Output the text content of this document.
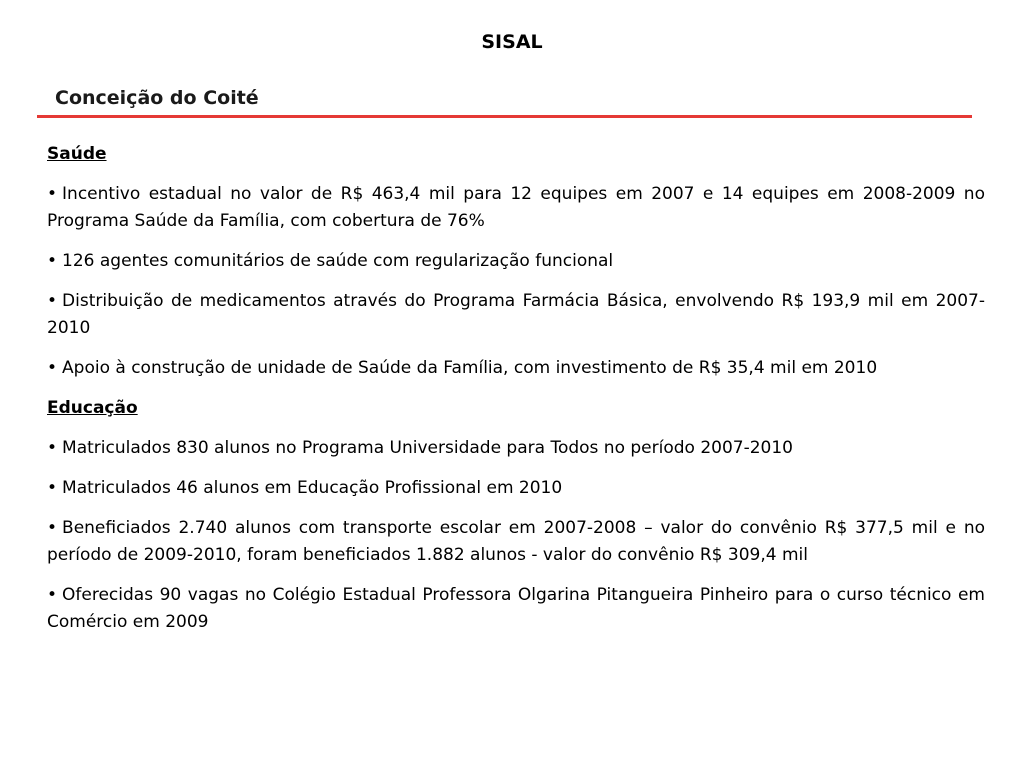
SISAL
Conceição do Coité

Saúde

• Incentivo estadual no valor de R$ 463,4 mil para 12 equipes em 2007 e 14 equipes em 2008-2009 no Programa Saúde da Família, com cobertura de 76%

• 126 agentes comunitários de saúde com regularização funcional

• Distribuição de medicamentos através do Programa Farmácia Básica, envolvendo R$ 193,9 mil em 2007-2010

• Apoio à construção de unidade de Saúde da Família, com investimento de R$ 35,4 mil em 2010

Educação

• Matriculados 830 alunos no Programa Universidade para Todos no período 2007-2010

• Matriculados 46 alunos em Educação Profissional em 2010

• Beneficiados 2.740 alunos com transporte escolar em 2007-2008 – valor do convênio R$ 377,5 mil e no período de 2009-2010, foram beneficiados 1.882 alunos - valor do convênio R$ 309,4 mil

• Oferecidas 90 vagas no Colégio Estadual Professora Olgarina Pitangueira Pinheiro para o curso técnico em Comércio em 2009
